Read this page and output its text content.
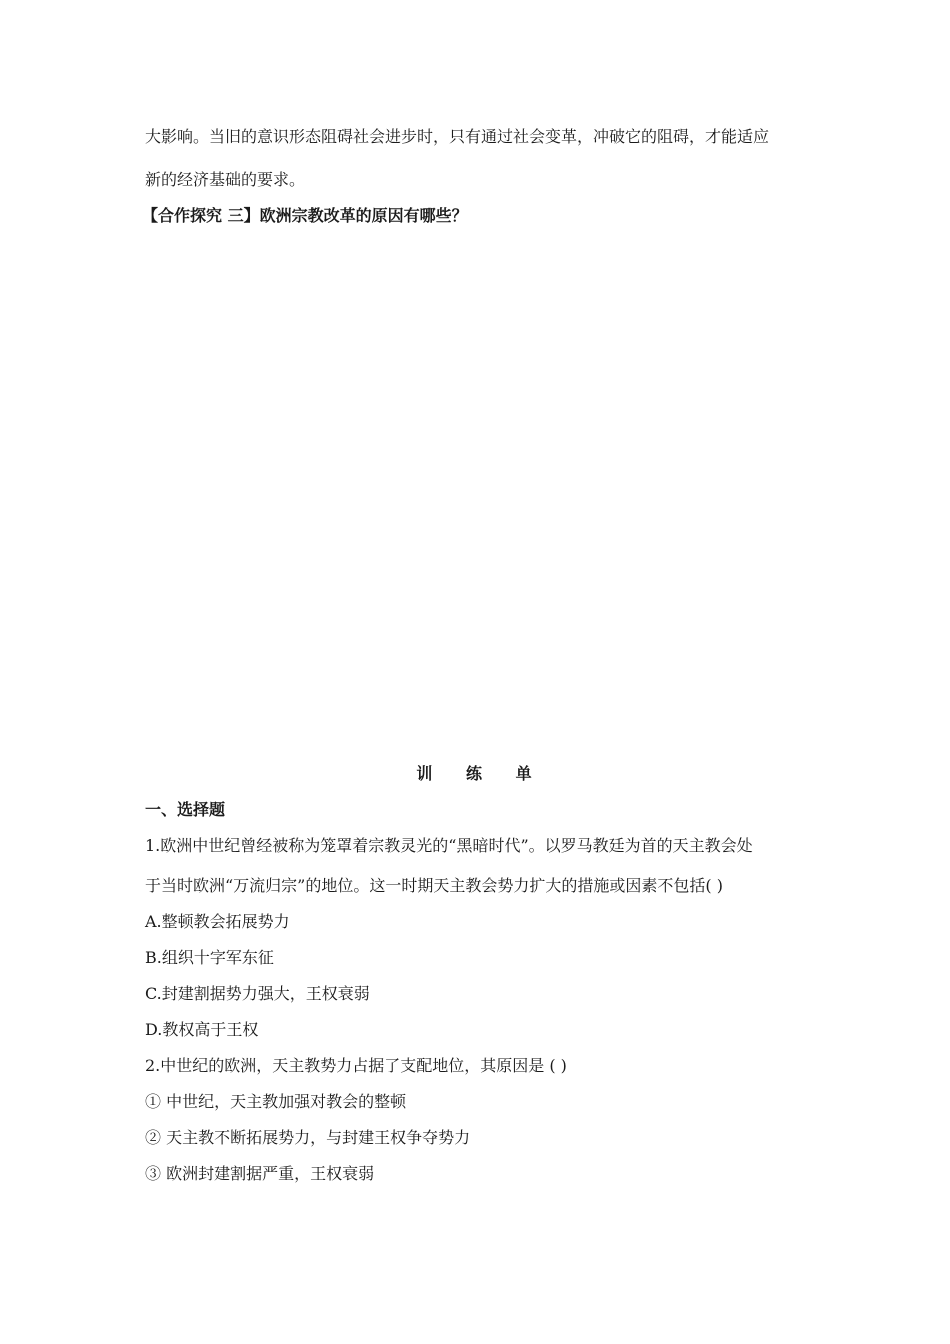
大影响。当旧的意识形态阻碍社会进步时，只有通过社会变革，冲破它的阻碍，才能适应
新的经济基础的要求。
【合作探究 三】欧洲宗教改革的原因有哪些？
训 练 单
一、选择题
1.欧洲中世纪曾经被称为笼罩着宗教灵光的“黑暗时代”。以罗马教廷为首的天主教会处
于当时欧洲“万流归宗”的地位。这一时期天主教会势力扩大的措施或因素不包括( )
A.整顿教会拓展势力
B.组织十字军东征
C.封建割据势力强大，王权衰弱
D.教权高于王权
2.中世纪的欧洲，天主教势力占据了支配地位，其原因是 ( )
① 中世纪，天主教加强对教会的整顿
② 天主教不断拓展势力，与封建王权争夺势力
③ 欧洲封建割据严重，王权衰弱
